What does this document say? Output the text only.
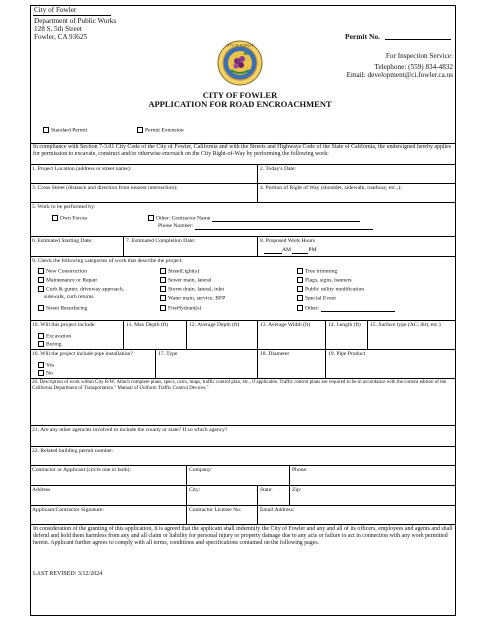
City of Fowler
Department of Public Works
128 S. 5th Street
Fowler, CA 93625	Permit No.
For Inspection Service:
Telephone: (559) 834-4832
Email: development@ci.fowler.ca.us
CITY OF FOWLER
CITY OF FOWLER
APPLICATION FOR ROAD ENCROACHMENT
Standard Permit	Permit Extension
In compliance with Section 7-3.01 City Code of the City of Fowler, California and with the Streets and Highways Code of the State of California, the undersigned hereby applies for permission to excavate, construct and/or otherwise encroach on the City Right-of-Way by performing the following work:
1. Project Location (address or street name):	2. Today's Date:
3. Cross Street (distance and direction from nearest intersection):	4. Portion of Right of Way (shoulder, sidewalk, roadway, etc.,):
5. Work to be performed by:
Own Forces	Other: Contractor Name
Phone Number:
6. Estimated Starting Date:	7. Estimated Completion Date:	8. Proposed Work Hours
AM	PM
9. Check the following categories of work that describe the project:
New Construction
Maintenance or Repair
Curb & gutter, driveway approach,
sidewalk, curb returns
Street Resurfacing
StreetLight(s)
Sewer main, lateral
Storm drain, lateral, inlet
Water main, service, BFP
FireHydrant(s)
Tree trimming
Flags, signs, banners
Public utility modification
Special Event
Other:
10. Will this project include:
Excavation
Boring
11. Max Depth (ft)	12. Average Depth (ft)	13. Average Width (ft)	14. Length (ft) 15. Surface type (AC, dirt, etc.)
16. Will the project include pipe installation?
Yes
No
17. Type	18. Diameter	19. Pipe Product
20. Description of work within City R/W: Attach complete plans, specs, calcs, maps, traffic control plan, etc., if applicable. Traffic control plans are required to be in accordance with the current edition of the California Department of Transportation " Manual of Uniform Traffic Control Devices."
21. Are any other agencies involved to include the county or state? If so which agency?
22. Related building permit number:
Contractor or Applicant (circle one or both):	Company:	Phone:
Address	City:	State:	Zip:
Applicant/Contractor Signature:	Contractor License No:	Email Address:
In consideration of the granting of this application, it is agreed that the applicant shall indemnify the City of Fowler and any and all of its officers, employees and agents and shall defend and hold them harmless from any and all claim or liability for personal injury or property damage due to any acts or failure to act in connection with any work permitted herein. Applicant further agrees to comply with all terms, conditions and specifications contained on the following pages.
LAST REVISED: 3/12/2024
